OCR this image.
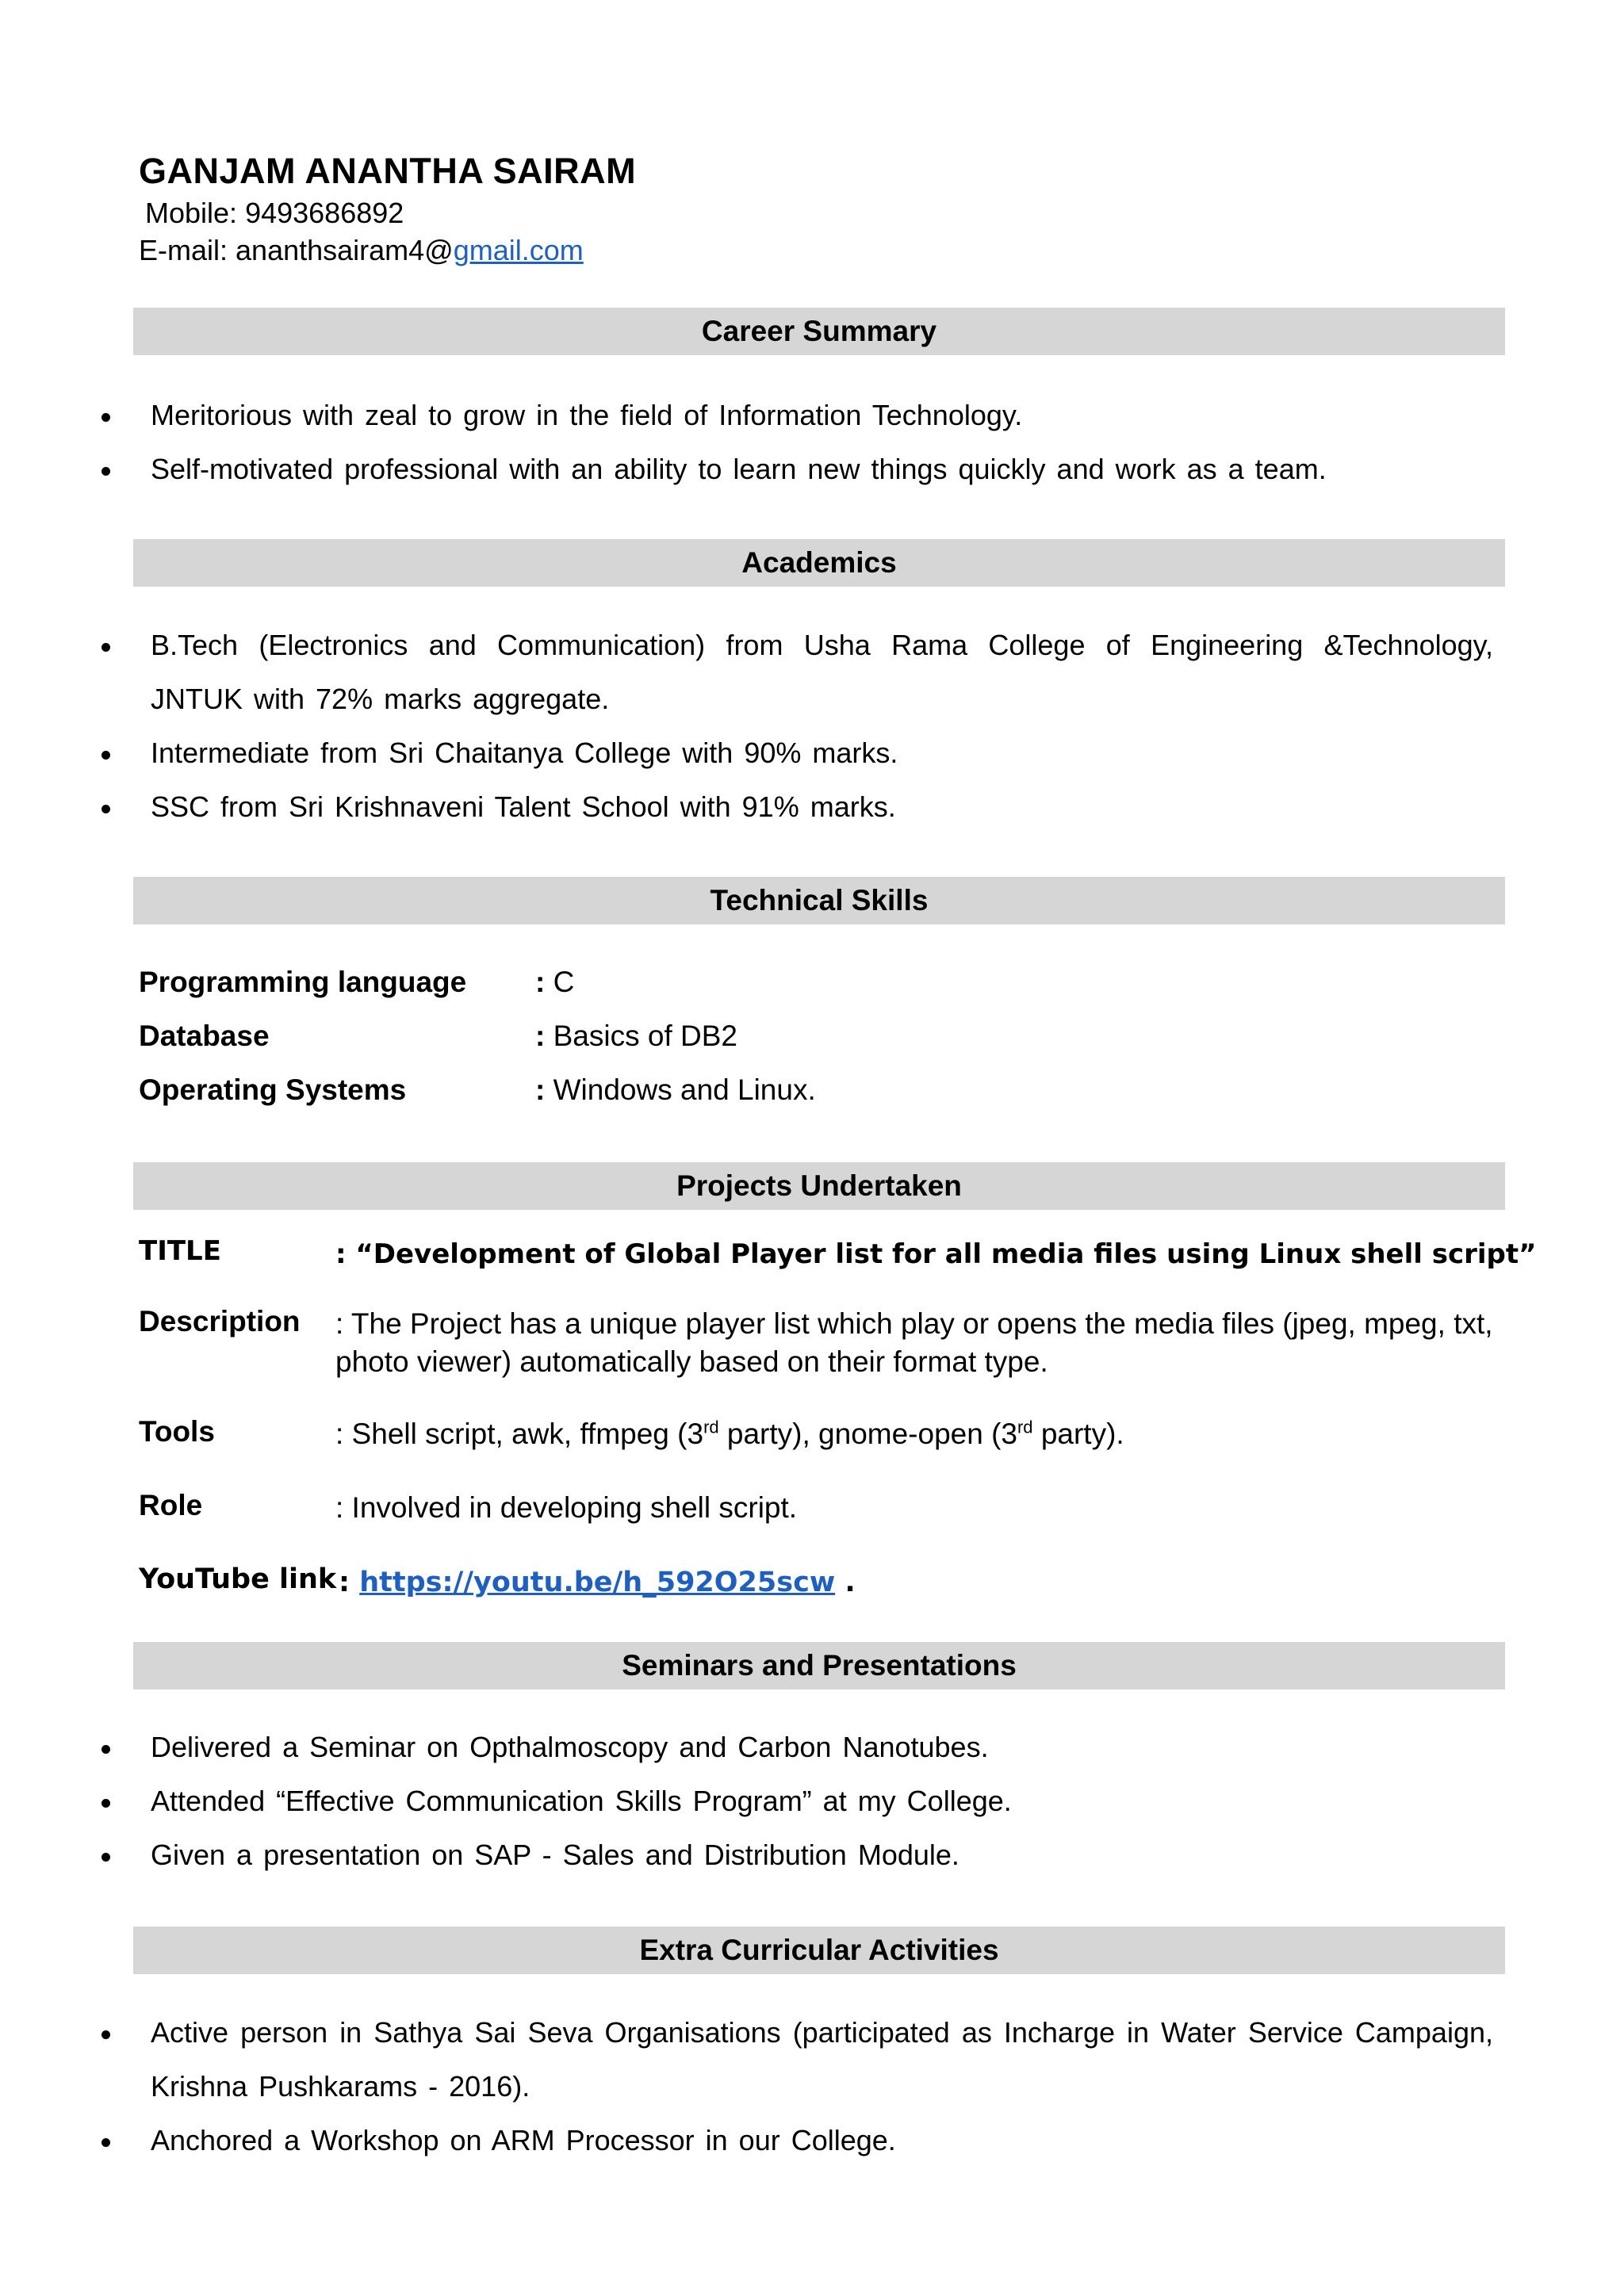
GANJAM ANANTHA SAIRAM
Mobile: 9493686892
E-mail: ananthsairam4@gmail.com
Career Summary
Meritorious with zeal to grow in the field of Information Technology.
Self-motivated professional with an ability to learn new things quickly and work as a team.
Academics
B.Tech (Electronics and Communication) from Usha Rama College of Engineering &Technology, JNTUK with 72% marks aggregate.
Intermediate from Sri Chaitanya College with 90% marks.
SSC from Sri Krishnaveni Talent School with 91% marks.
Technical Skills
Programming language : C
Database	: Basics of DB2
Operating Systems	: Windows and Linux.
Projects Undertaken
TITLE	: “Development of Global Player list for all media files using Linux shell script”
Description : The Project has a unique player list which play or opens the media files (jpeg, mpeg, txt, photo viewer) automatically based on their format type.
Tools	: Shell script, awk, ffmpeg (3rd party), gnome-open (3rd party).
Role	: Involved in developing shell script.
YouTube link : https://youtu.be/h_592O25scw .
Seminars and Presentations
Delivered a Seminar on Opthalmoscopy and Carbon Nanotubes.
Attended “Effective Communication Skills Program” at my College.
Given a presentation on SAP - Sales and Distribution Module.
Extra Curricular Activities
Active person in Sathya Sai Seva Organisations (participated as Incharge in Water Service Campaign, Krishna Pushkarams - 2016).
Anchored a Workshop on ARM Processor in our College.
